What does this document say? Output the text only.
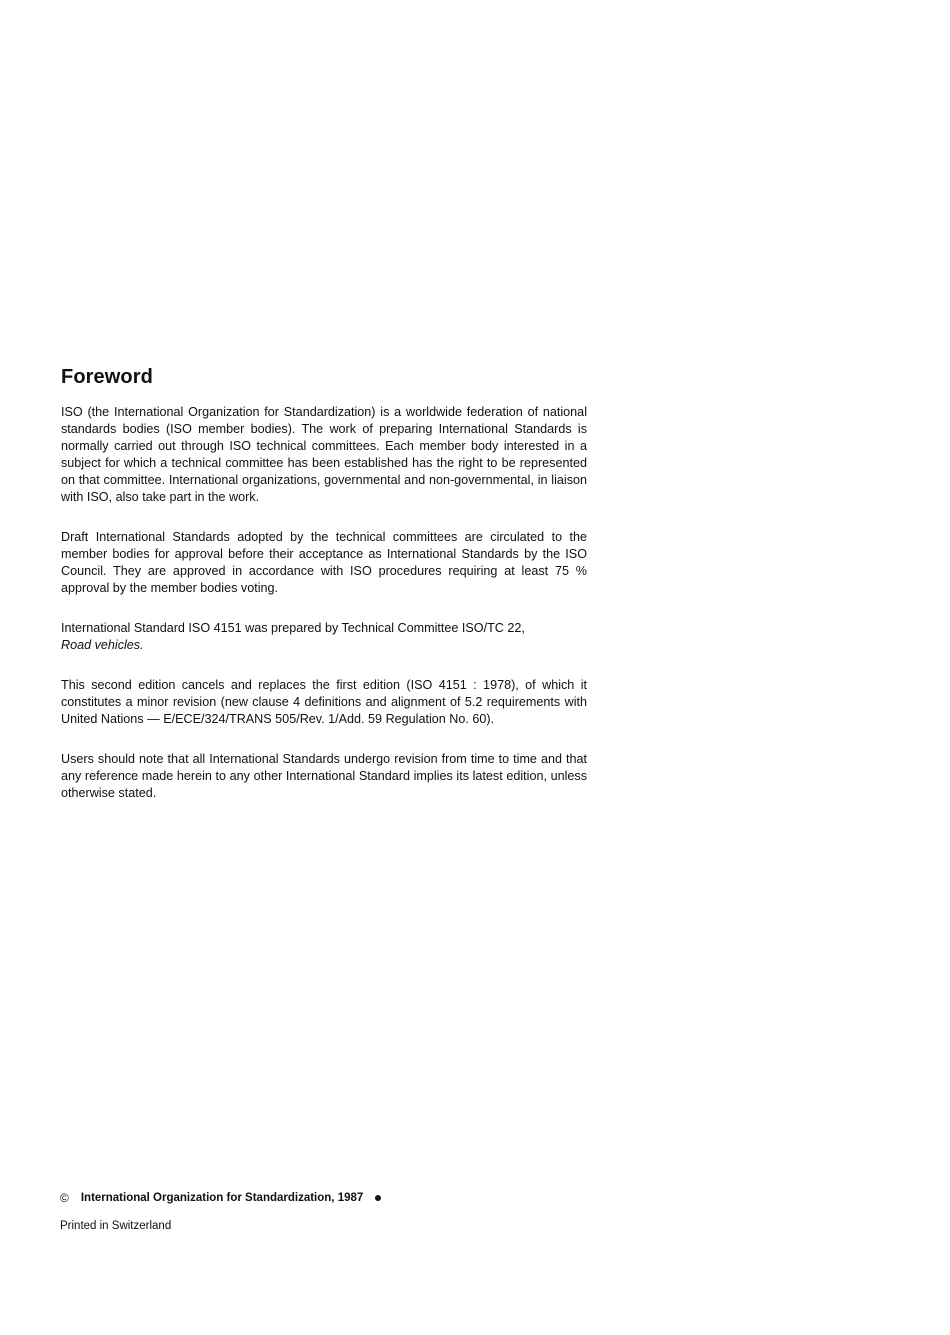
Foreword

ISO (the International Organization for Standardization) is a worldwide federation of national standards bodies (ISO member bodies). The work of preparing International Standards is normally carried out through ISO technical committees. Each member body interested in a subject for which a technical committee has been established has the right to be represented on that committee. International organizations, governmental and non-governmental, in liaison with ISO, also take part in the work.

Draft International Standards adopted by the technical committees are circulated to the member bodies for approval before their acceptance as International Standards by the ISO Council. They are approved in accordance with ISO procedures requiring at least 75 % approval by the member bodies voting.

International Standard ISO 4151 was prepared by Technical Committee ISO/TC 22,
Road vehicles.

This second edition cancels and replaces the first edition (ISO 4151 : 1978), of which it constitutes a minor revision (new clause 4 definitions and alignment of 5.2 requirements with United Nations — E/ECE/324/TRANS 505/Rev. 1/Add. 59 Regulation No. 60).

Users should note that all International Standards undergo revision from time to time and that any reference made herein to any other International Standard implies its latest edition, unless otherwise stated.

© International Organization for Standardization, 1987
Printed in Switzerland
